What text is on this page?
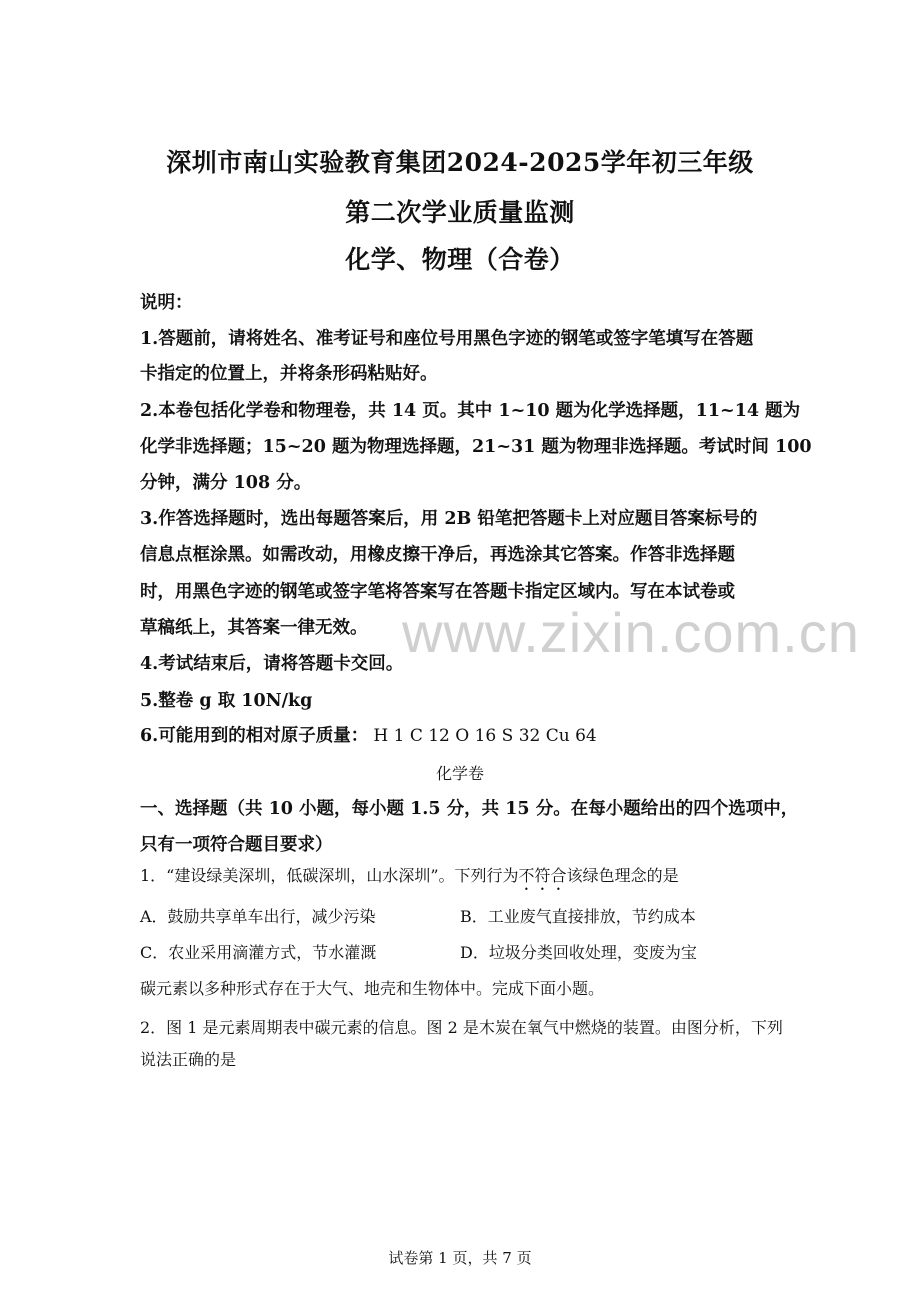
深圳市南山实验教育集团2024-2025学年初三年级
第二次学业质量监测
化学、物理（合卷）
说明：
1.答题前，请将姓名、准考证号和座位号用黑色字迹的钢笔或签字笔填写在答题
卡指定的位置上，并将条形码粘贴好。
2.本卷包括化学卷和物理卷，共 14 页。其中 1~10 题为化学选择题，11~14 题为
化学非选择题；15~20 题为物理选择题，21~31 题为物理非选择题。考试时间 100
分钟，满分 108 分。
3.作答选择题时，选出每题答案后，用 2B 铅笔把答题卡上对应题目答案标号的
信息点框涂黑。如需改动，用橡皮擦干净后，再选涂其它答案。作答非选择题
时，用黑色字迹的钢笔或签字笔将答案写在答题卡指定区域内。写在本试卷或
草稿纸上，其答案一律无效。
4.考试结束后，请将答题卡交回。
5.整卷 g 取 10N/kg
6.可能用到的相对原子质量： H 1 C 12 O 16 S 32 Cu 64
化学卷
一、选择题（共 10 小题，每小题 1.5 分，共 15 分。在每小题给出的四个选项中，
只有一项符合题目要求）
1．“建设绿美深圳，低碳深圳，山水深圳”。下列行为不符合该绿色理念的是
A．鼓励共享单车出行，减少污染	B．工业废气直接排放，节约成本
C．农业采用滴灌方式，节水灌溉	D．垃圾分类回收处理，变废为宝
碳元素以多种形式存在于大气、地壳和生物体中。完成下面小题。
2．图 1 是元素周期表中碳元素的信息。图 2 是木炭在氧气中燃烧的装置。由图分析，下列
说法正确的是
www.zixin.com.cn
试卷第 1 页，共 7 页
